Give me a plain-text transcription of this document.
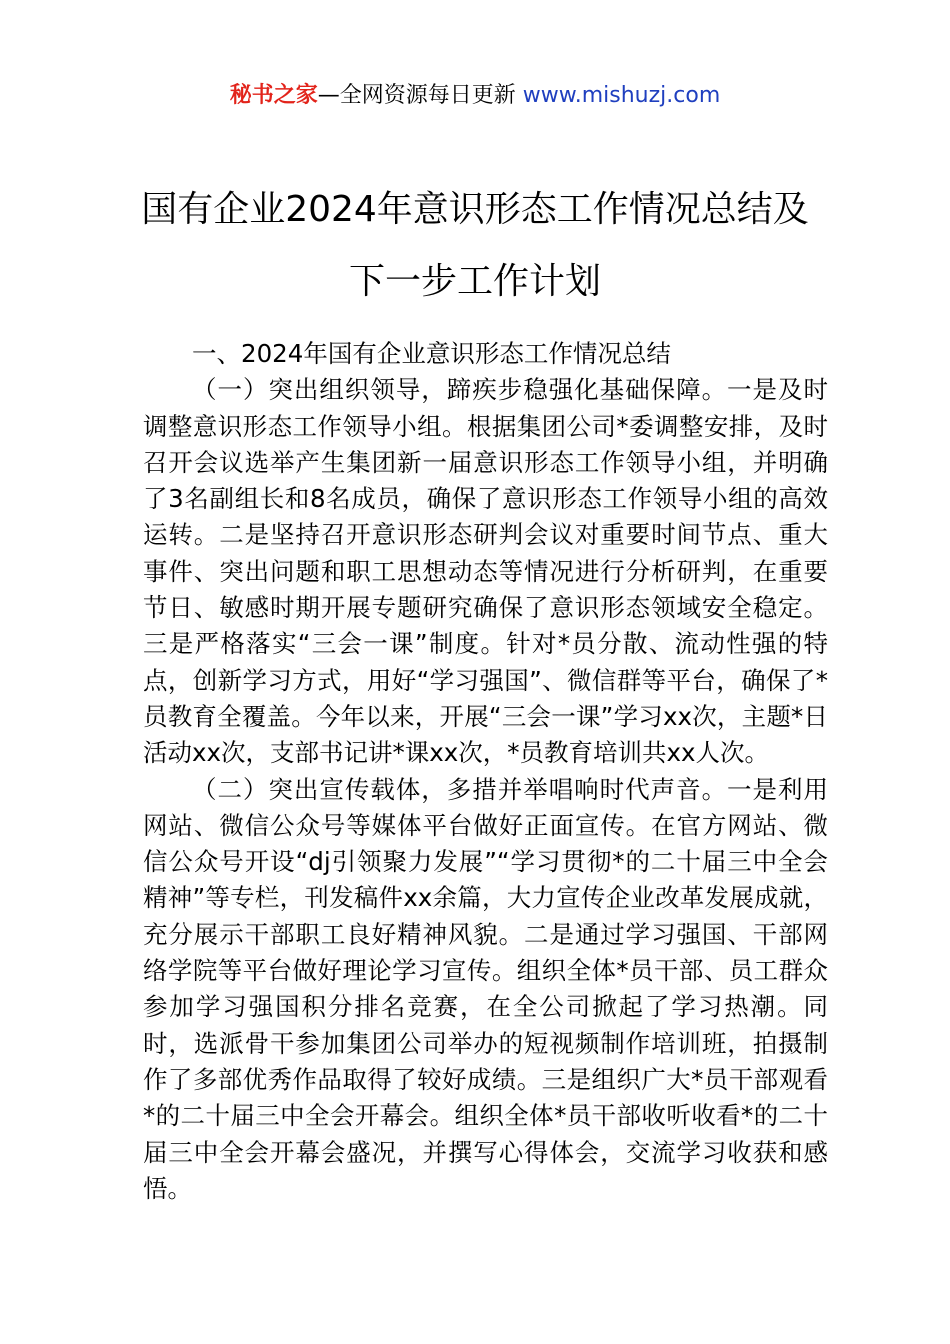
秘书之家—全网资源每日更新 www.mishuzj.com
国有企业2024年意识形态工作情况总结及
下一步工作计划

一、2024年国有企业意识形态工作情况总结

（一）突出组织领导，蹄疾步稳强化基础保障。一是及时调整意识形态工作领导小组。根据集团公司*委调整安排，及时召开会议选举产生集团新一届意识形态工作领导小组，并明确了3名副组长和8名成员，确保了意识形态工作领导小组的高效运转。二是坚持召开意识形态研判会议对重要时间节点、重大事件、突出问题和职工思想动态等情况进行分析研判，在重要节日、敏感时期开展专题研究确保了意识形态领域安全稳定。三是严格落实“三会一课”制度。针对*员分散、流动性强的特点，创新学习方式，用好“学习强国”、微信群等平台，确保了*员教育全覆盖。今年以来，开展“三会一课”学习xx次，主题*日活动xx次，支部书记讲*课xx次，*员教育培训共xx人次。

（二）突出宣传载体，多措并举唱响时代声音。一是利用网站、微信公众号等媒体平台做好正面宣传。在官方网站、微信公众号开设“dj引领聚力发展”“学习贯彻*的二十届三中全会精神”等专栏，刊发稿件xx余篇，大力宣传企业改革发展成就，充分展示干部职工良好精神风貌。二是通过学习强国、干部网络学院等平台做好理论学习宣传。组织全体*员干部、员工群众参加学习强国积分排名竞赛，在全公司掀起了学习热潮。同时，选派骨干参加集团公司举办的短视频制作培训班，拍摄制作了多部优秀作品取得了较好成绩。三是组织广大*员干部观看*的二十届三中全会开幕会。组织全体*员干部收听收看*的二十届三中全会开幕会盛况，并撰写心得体会，交流学习收获和感悟。
